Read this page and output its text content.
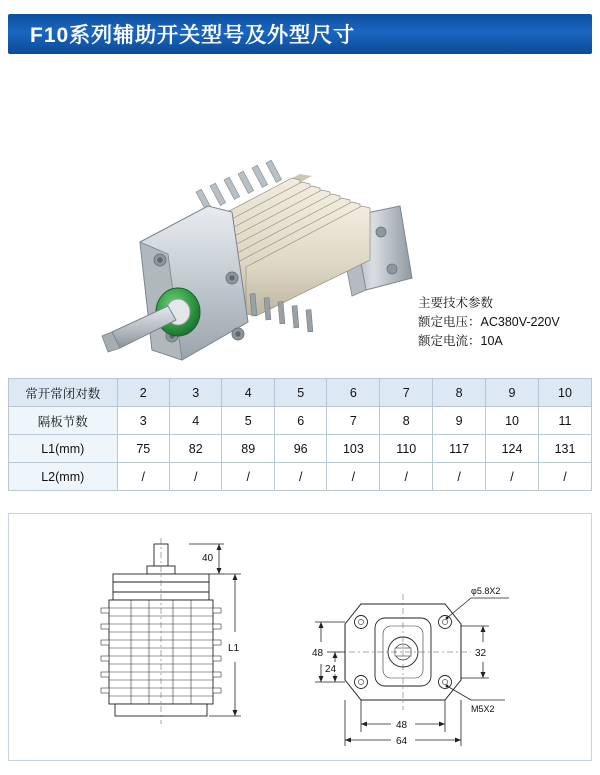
F10系列辅助开关型号及外型尺寸
主要技术参数
额定电压：AC380V-220V
额定电流：10A
常开常闭对数	2	3	4	5	6	7	8	9	10
隔板节数	3	4	5	6	7	8	9	10	11
L1(mm)	75	82	89	96	103	110	117	124	131
L2(mm)	/	/	/	/	/	/	/	/	/
40
L1
φ5.8X2
M5X2
48
24
32
48
64
